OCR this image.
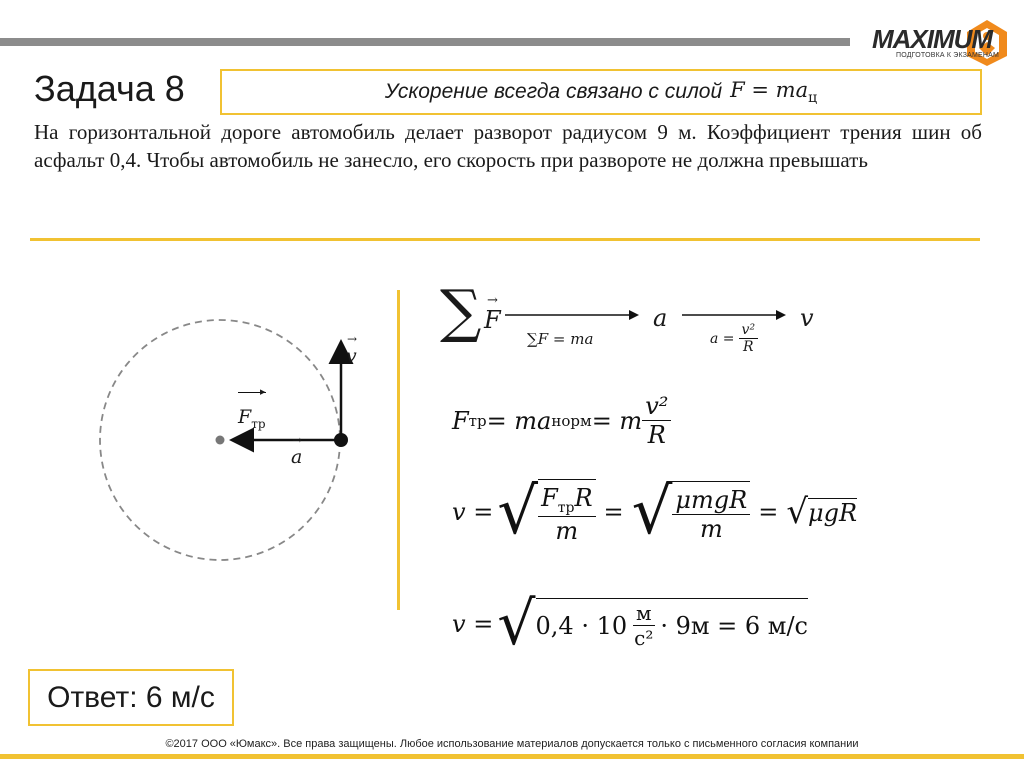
MAXIMUM
ПОДГОТОВКА К ЭКЗАМЕНАМ
Задача 8	Ускорение всегда связано с силой $F = ma_ц$
На горизонтальной дороге автомобиль делает разворот радиусом 9 м. Коэффициент трения шин об асфальт 0,4. Чтобы автомобиль не занесло, его скорость при развороте не должна превышать
→
v
▸
$F_{тр}$
→
a
∑ →
F
∑F = ma
a
$a = \frac{\text{v²}}{R}$
v
F тр = ma норм = m $\frac{\text{v²}}{R}$
v = √ $\frac{F_{тр}R}{m}$ = √ $\frac{\text{μmgR}}{m}$ = √ μgR
v = √ $0,4 \cdot 10 \frac{м}{\text{с²}} \cdot 9м = 6$ м/с
Ответ: 6 м/с
©2017 ООО «Юмакс». Все права защищены. Любое использование материалов допускается только с письменного согласия компании
